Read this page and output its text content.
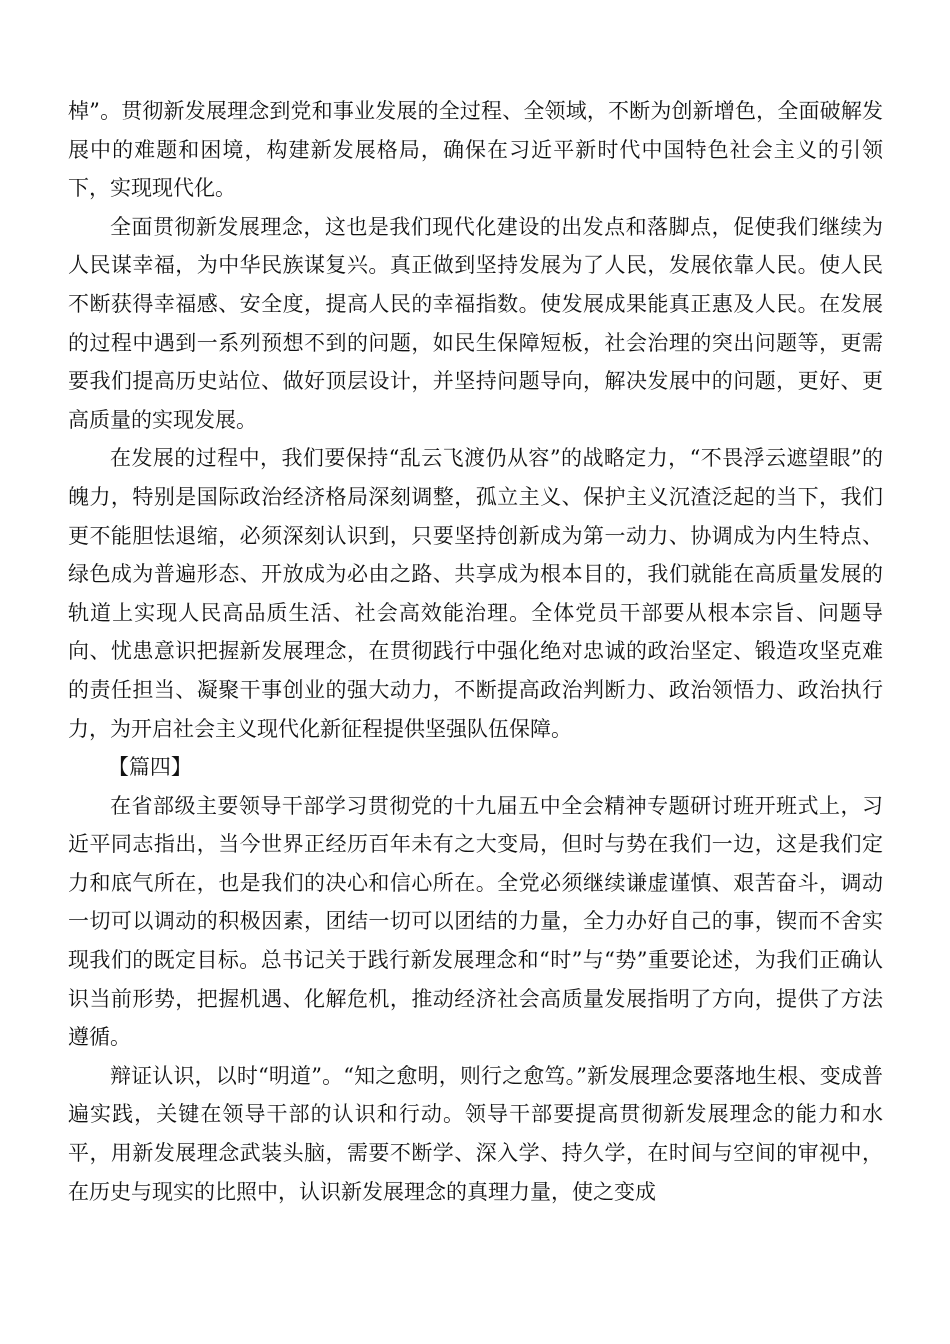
棹”。贯彻新发展理念到党和事业发展的全过程、全领域，不断为创新增色，全面破解发展中的难题和困境，构建新发展格局，确保在习近平新时代中国特色社会主义的引领下，实现现代化。

全面贯彻新发展理念，这也是我们现代化建设的出发点和落脚点，促使我们继续为人民谋幸福，为中华民族谋复兴。真正做到坚持发展为了人民，发展依靠人民。使人民不断获得幸福感、安全度，提高人民的幸福指数。使发展成果能真正惠及人民。在发展的过程中遇到一系列预想不到的问题，如民生保障短板，社会治理的突出问题等，更需要我们提高历史站位、做好顶层设计，并坚持问题导向，解决发展中的问题，更好、更高质量的实现发展。

在发展的过程中，我们要保持“乱云飞渡仍从容”的战略定力，“不畏浮云遮望眼”的魄力，特别是国际政治经济格局深刻调整，孤立主义、保护主义沉渣泛起的当下，我们更不能胆怯退缩，必须深刻认识到，只要坚持创新成为第一动力、协调成为内生特点、绿色成为普遍形态、开放成为必由之路、共享成为根本目的，我们就能在高质量发展的轨道上实现人民高品质生活、社会高效能治理。全体党员干部要从根本宗旨、问题导向、忧患意识把握新发展理念，在贯彻践行中强化绝对忠诚的政治坚定、锻造攻坚克难的责任担当、凝聚干事创业的强大动力，不断提高政治判断力、政治领悟力、政治执行力，为开启社会主义现代化新征程提供坚强队伍保障。

【篇四】

在省部级主要领导干部学习贯彻党的十九届五中全会精神专题研讨班开班式上，习近平同志指出，当今世界正经历百年未有之大变局，但时与势在我们一边，这是我们定力和底气所在，也是我们的决心和信心所在。全党必须继续谦虚谨慎、艰苦奋斗，调动一切可以调动的积极因素，团结一切可以团结的力量，全力办好自己的事，锲而不舍实现我们的既定目标。总书记关于践行新发展理念和“时”与“势”重要论述，为我们正确认识当前形势，把握机遇、化解危机，推动经济社会高质量发展指明了方向，提供了方法遵循。

辩证认识，以时“明道”。“知之愈明，则行之愈笃。”新发展理念要落地生根、变成普遍实践，关键在领导干部的认识和行动。领导干部要提高贯彻新发展理念的能力和水平，用新发展理念武装头脑，需要不断学、深入学、持久学，在时间与空间的审视中，在历史与现实的比照中，认识新发展理念的真理力量，使之变成
